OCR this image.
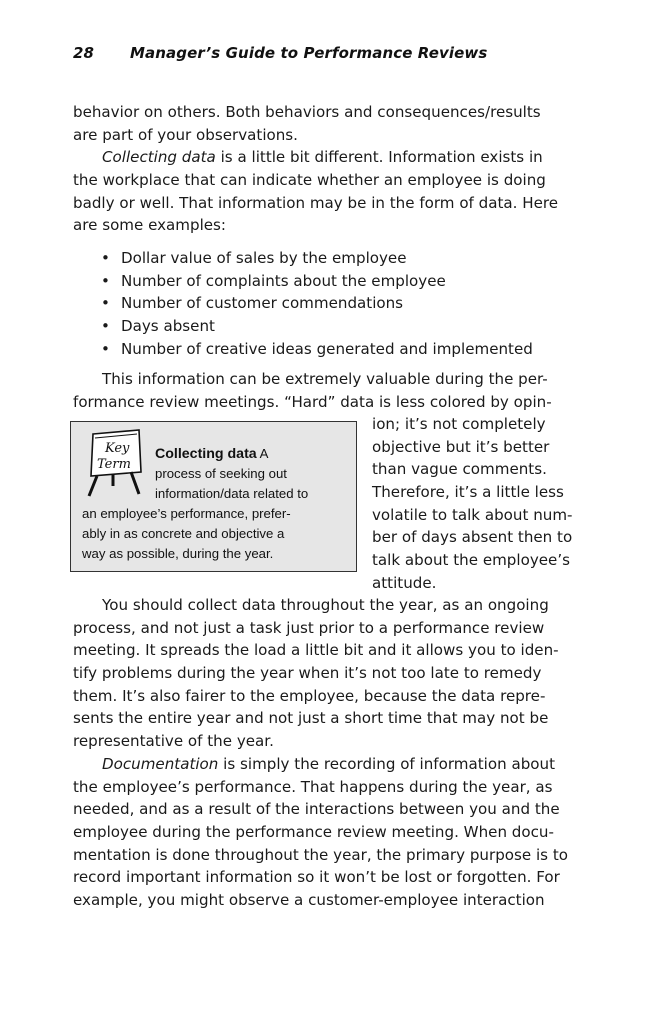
28 Manager’s Guide to Performance Reviews
behavior on others. Both behaviors and consequences/results
are part of your observations.
Collecting data is a little bit different. Information exists in
the workplace that can indicate whether an employee is doing
badly or well. That information may be in the form of data. Here
are some examples:
• Dollar value of sales by the employee
• Number of complaints about the employee
• Number of customer commendations
• Days absent
• Number of creative ideas generated and implemented
This information can be extremely valuable during the per-
formance review meetings. “Hard” data is less colored by opin-
Key
Term
Collecting data A
process of seeking out
information/data related to
an employee’s performance, prefer-
ably in as concrete and objective a
way as possible, during the year.
ion; it’s not completely
objective but it’s better
than vague comments.
Therefore, it’s a little less
volatile to talk about num-
ber of days absent then to
talk about the employee’s
attitude.
You should collect data throughout the year, as an ongoing
process, and not just a task just prior to a performance review
meeting. It spreads the load a little bit and it allows you to iden-
tify problems during the year when it’s not too late to remedy
them. It’s also fairer to the employee, because the data repre-
sents the entire year and not just a short time that may not be
representative of the year.
Documentation is simply the recording of information about
the employee’s performance. That happens during the year, as
needed, and as a result of the interactions between you and the
employee during the performance review meeting. When docu-
mentation is done throughout the year, the primary purpose is to
record important information so it won’t be lost or forgotten. For
example, you might observe a customer-employee interaction
